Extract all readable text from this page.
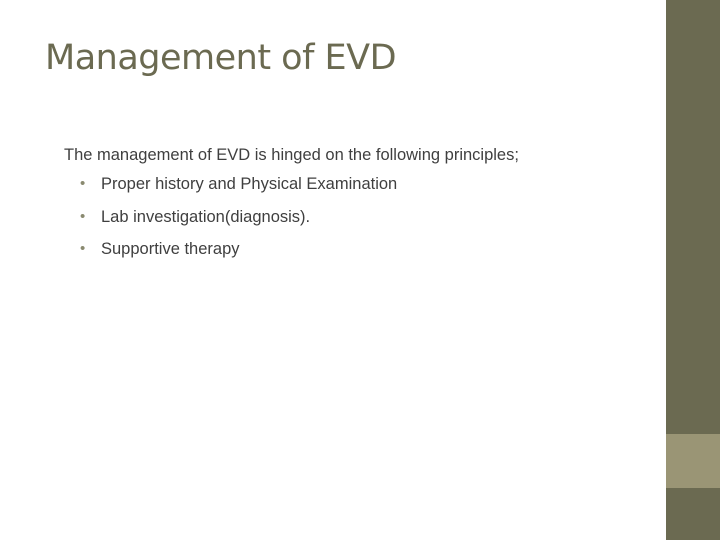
Management of EVD

The management of EVD is hinged on the following principles;

• Proper history and Physical Examination
• Lab investigation(diagnosis).
• Supportive therapy
